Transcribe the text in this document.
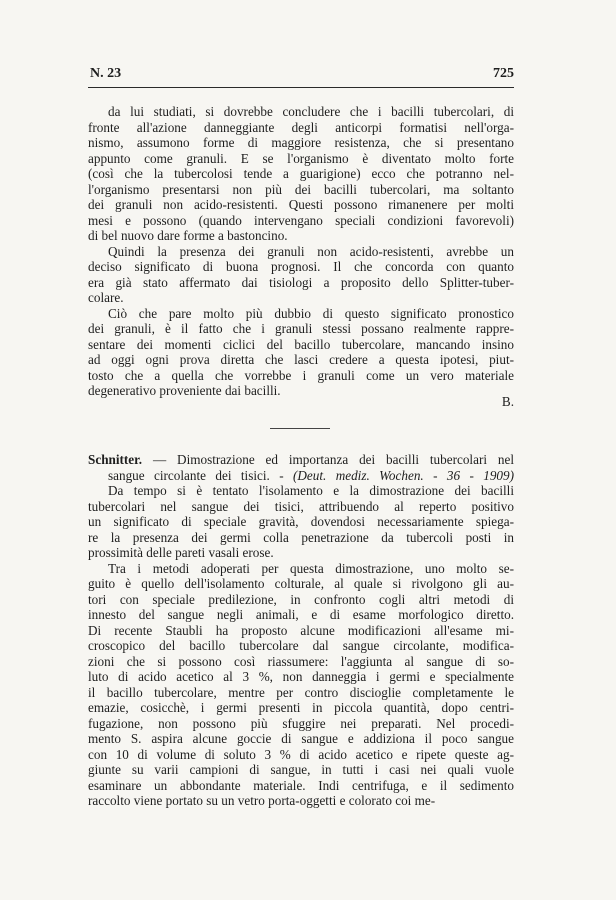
N. 23	725
da lui studiati, si dovrebbe concludere che i bacilli tubercolari, di
fronte all'azione danneggiante degli anticorpi formatisi nell'orga-
nismo, assumono forme di maggiore resistenza, che si presentano
appunto come granuli. E se l'organismo è diventato molto forte
(così che la tubercolosi tende a guarigione) ecco che potranno nel-
l'organismo presentarsi non più dei bacilli tubercolari, ma soltanto
dei granuli non acido-resistenti. Questi possono rimanenere per molti
mesi e possono (quando intervengano speciali condizioni favorevoli)
di bel nuovo dare forme a bastoncino.
Quindi la presenza dei granuli non acido-resistenti, avrebbe un
deciso significato di buona prognosi. Il che concorda con quanto
era già stato affermato dai tisiologi a proposito dello Splitter-tuber-
colare.
Ciò che pare molto più dubbio di questo significato pronostico
dei granuli, è il fatto che i granuli stessi possano realmente rappre-
sentare dei momenti ciclici del bacillo tubercolare, mancando insino
ad oggi ogni prova diretta che lasci credere a questa ipotesi, piut-
tosto che a quella che vorrebbe i granuli come un vero materiale
degenerativo proveniente dai bacilli.
B.
Schnitter. — Dimostrazione ed importanza dei bacilli tubercolari nel
sangue circolante dei tisici. - (Deut. mediz. Wochen. - 36 - 1909)
Da tempo si è tentato l'isolamento e la dimostrazione dei bacilli
tubercolari nel sangue dei tisici, attribuendo al reperto positivo
un significato di speciale gravità, dovendosi necessariamente spiega-
re la presenza dei germi colla penetrazione da tubercoli posti in
prossimità delle pareti vasali erose.
Tra i metodi adoperati per questa dimostrazione, uno molto se-
guito è quello dell'isolamento colturale, al quale si rivolgono gli au-
tori con speciale predilezione, in confronto cogli altri metodi di
innesto del sangue negli animali, e di esame morfologico diretto.
Di recente Staubli ha proposto alcune modificazioni all'esame mi-
croscopico del bacillo tubercolare dal sangue circolante, modifica-
zioni che si possono così riassumere: l'aggiunta al sangue di so-
luto di acido acetico al 3 %, non danneggia i germi e specialmente
il bacillo tubercolare, mentre per contro discioglie completamente le
emazie, cosicchè, i germi presenti in piccola quantità, dopo centri-
fugazione, non possono più sfuggire nei preparati. Nel procedi-
mento S. aspira alcune goccie di sangue e addiziona il poco sangue
con 10 di volume di soluto 3 % di acido acetico e ripete queste ag-
giunte su varii campioni di sangue, in tutti i casi nei quali vuole
esaminare un abbondante materiale. Indi centrifuga, e il sedimento
raccolto viene portato su un vetro porta-oggetti e colorato coi me-
